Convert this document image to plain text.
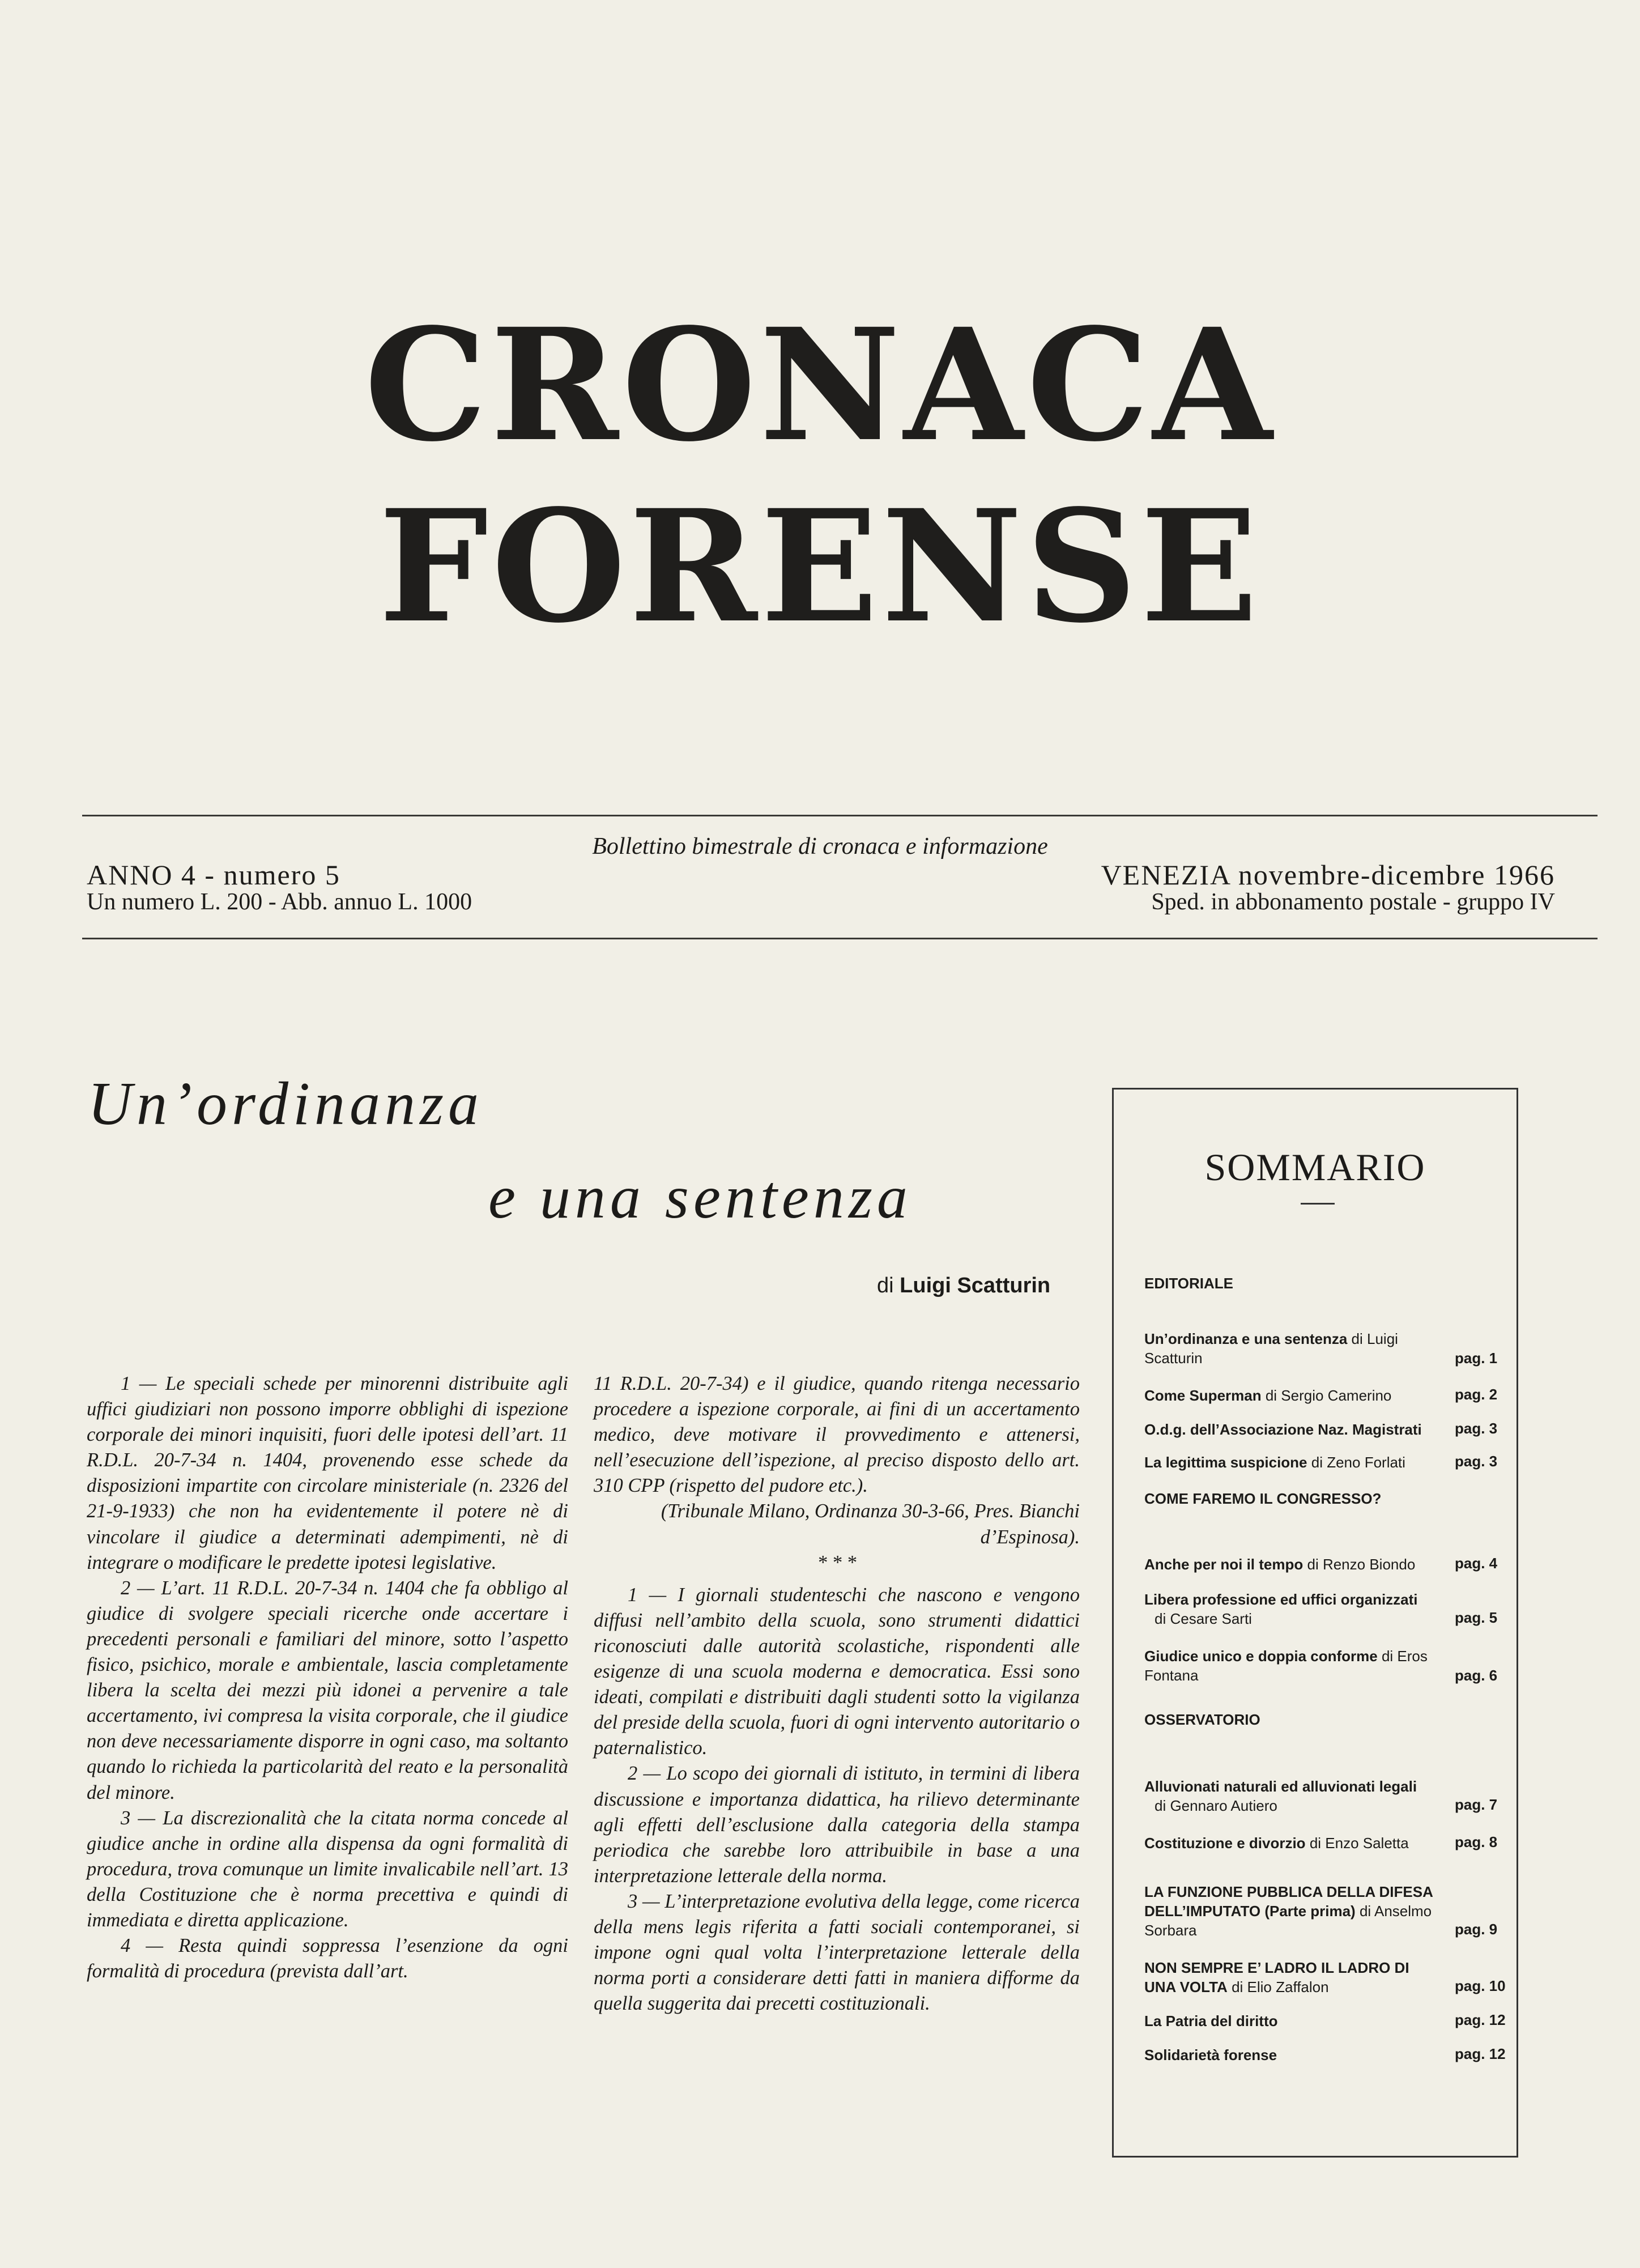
CRONACA
FORENSE
Bollettino bimestrale di cronaca e informazione
ANNO 4 - numero 5
Un numero L. 200 - Abb. annuo L. 1000
VENEZIA novembre-dicembre 1966
Sped. in abbonamento postale - gruppo IV
Un’ordinanza
e una sentenza
di Luigi Scatturin

1 — Le speciali schede per minorenni distribuite agli uffici giudiziari non possono imporre obblighi di ispezione corporale dei minori inquisiti, fuori delle ipotesi dell’art. 11 R.D.L. 20-7-34 n. 1404, provenendo esse schede da disposizioni impartite con circolare ministeriale (n. 2326 del 21-9-1933) che non ha evidentemente il potere nè di vincolare il giudice a determinati adempimenti, nè di integrare o modificare le predette ipotesi legislative.

2 — L’art. 11 R.D.L. 20-7-34 n. 1404 che fa obbligo al giudice di svolgere speciali ricerche onde accertare i precedenti personali e familiari del minore, sotto l’aspetto fisico, psichico, morale e ambientale, lascia completamente libera la scelta dei mezzi più idonei a pervenire a tale accertamento, ivi compresa la visita corporale, che il giudice non deve necessariamente disporre in ogni caso, ma soltanto quando lo richieda la particolarità del reato e la personalità del minore.

3 — La discrezionalità che la citata norma concede al giudice anche in ordine alla dispensa da ogni formalità di procedura, trova comunque un limite invalicabile nell’art. 13 della Costituzione che è norma precettiva e quindi di immediata e diretta applicazione.

4 — Resta quindi soppressa l’esenzione da ogni formalità di procedura (prevista dall’art.

11 R.D.L. 20-7-34) e il giudice, quando ritenga necessario procedere a ispezione corporale, ai fini di un accertamento medico, deve motivare il provvedimento e attenersi, nell’esecuzione dell’ispezione, al preciso disposto dello art. 310 CPP (rispetto del pudore etc.).

(Tribunale Milano, Ordinanza 30-3-66, Pres. Bianchi d’Espinosa).

* * *

1 — I giornali studenteschi che nascono e vengono diffusi nell’ambito della scuola, sono strumenti didattici riconosciuti dalle autorità scolastiche, rispondenti alle esigenze di una scuola moderna e democratica. Essi sono ideati, compilati e distribuiti dagli studenti sotto la vigilanza del preside della scuola, fuori di ogni intervento autoritario o paternalistico.

2 — Lo scopo dei giornali di istituto, in termini di libera discussione e importanza didattica, ha rilievo determinante agli effetti dell’esclusione dalla categoria della stampa periodica che sarebbe loro attribuibile in base a una interpretazione letterale della norma.

3 — L’interpretazione evolutiva della legge, come ricerca della mens legis riferita a fatti sociali contemporanei, si impone ogni qual volta l’interpretazione letterale della norma porti a considerare detti fatti in maniera difforme da quella suggerita dai precetti costituzionali.

SOMMARIO
EDITORIALE
Un’ordinanza e una sentenza di Luigi Scatturin	pag. 1
Come Superman di Sergio Camerino	pag. 2
O.d.g. dell’Associazione Naz. Magistrati	pag. 3
La legittima suspicione di Zeno Forlati	pag. 3
COME FAREMO IL CONGRESSO?
Anche per noi il tempo di Renzo Biondo	pag. 4
Libera professione ed uffici organizzati
di Cesare Sarti	pag. 5
Giudice unico e doppia conforme di Eros Fontana	pag. 6
OSSERVATORIO
Alluvionati naturali ed alluvionati legali
di Gennaro Autiero	pag. 7
Costituzione e divorzio di Enzo Saletta	pag. 8
LA FUNZIONE PUBBLICA DELLA DIFESA DELL’IMPUTATO (Parte prima) di Anselmo Sorbara	pag. 9
NON SEMPRE E’ LADRO IL LADRO DI UNA VOLTA di Elio Zaffalon	pag. 10
La Patria del diritto	pag. 12
Solidarietà forense	pag. 12
